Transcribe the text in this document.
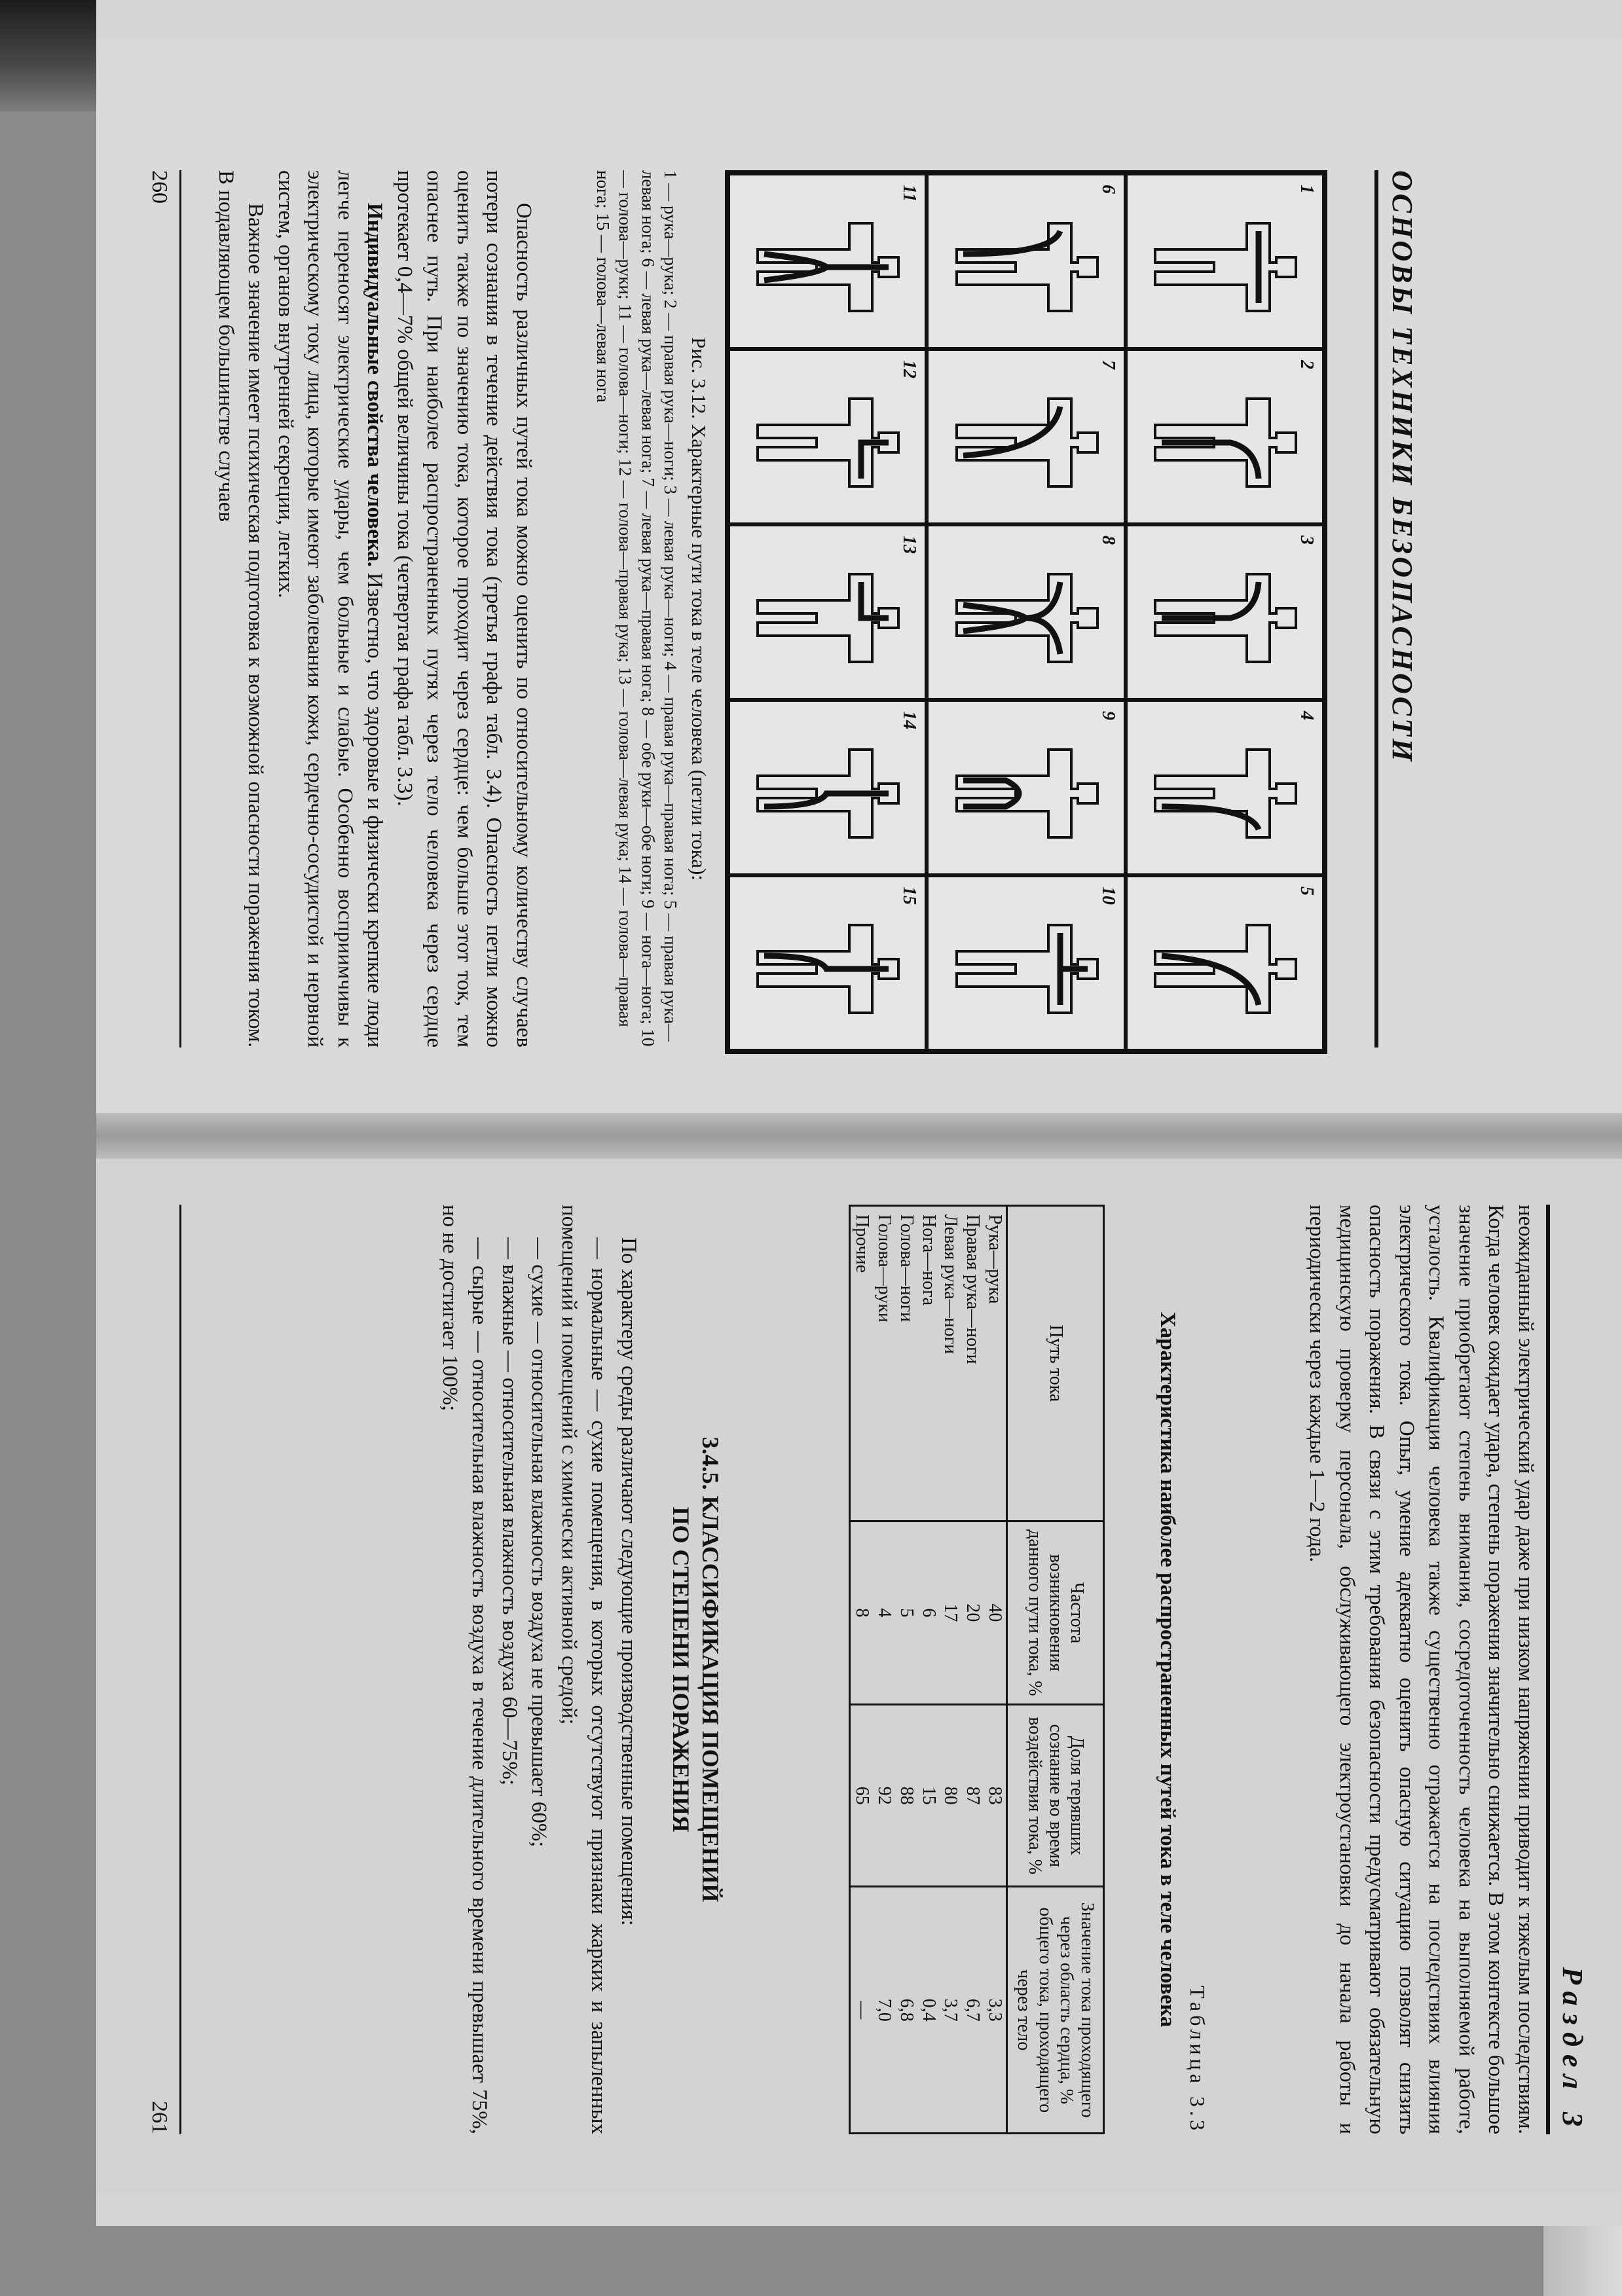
ОСНОВЫ ТЕХНИКИ БЕЗОПАСНОСТИ
1
2
3
4
5
6
7
8
9
10
11
12
13
14
15
Рис. 3.12. Характерные пути тока в теле человека (петли тока):
1 — рука—рука; 2 — правая рука—ноги; 3 — левая рука—ноги; 4 — правая рука—правая нога; 5 — правая рука—левая нога; 6 — левая рука—левая нога; 7 — левая рука—правая нога; 8 — обе руки—обе ноги; 9 — нога—нога; 10 — голова—руки; 11 — голова—ноги; 12 — голова—правая рука; 13 — голова—левая рука; 14 — голова—правая нога; 15 — голова—левая нога

Опасность различных путей тока можно оценить по относительному количеству случаев потери сознания в течение действия тока (третья графа табл. 3.4). Опасность петли можно оценить также по значению тока, которое проходит через сердце: чем больше этот ток, тем опаснее путь. При наиболее распространенных путях через тело человека через сердце протекает 0,4—7% общей величины тока (четвертая графа табл. 3.3).

Индивидуальные свойства человека. Известно, что здоровые и физически крепкие люди легче переносят электрические удары, чем больные и слабые. Особенно восприимчивы к электрическому току лица, которые имеют заболевания кожи, сердечно-сосудистой и нервной систем, органов внутренней секреции, легких.

Важное значение имеет психическая подготовка к возможной опасности поражения током. В подавляющем большинстве случаев

260
Раздел 3

неожиданный электрический удар даже при низком напряжении приводит к тяжелым последствиям. Когда человек ожидает удара, степень поражения значительно снижается. В этом контексте большое значение приобретают степень внимания, сосредоточенность человека на выполняемой работе, усталость. Квалификация человека также существенно отражается на последствиях влияния электрического тока. Опыт, умение адекватно оценить опасную ситуацию позволят снизить опасность поражения. В связи с этим требования безопасности предусматривают обязательную медицинскую проверку персонала, обслуживающего электроустановки до начала работы и периодически через каждые 1—2 года.

Таблица 3.3
Характеристика наиболее распространенных путей тока в теле человека
Путь тока	Частота возникновения данного пути тока, %	Доля терявших сознание во время воздействия тока, %	Значение тока проходящего через область сердца, % общего тока, проходящего через тело
Рука—рука	40	83	3,3
Правая рука—ноги	20	87	6,7
Левая рука—ноги	17	80	3,7
Нога—нога	6	15	0,4
Голова—ноги	5	88	6,8
Голова—руки	4	92	7,0
Прочие	8	65	—
3.4.5. КЛАССИФИКАЦИЯ ПОМЕЩЕНИЙ
ПО СТЕПЕНИ ПОРАЖЕНИЯ

По характеру среды различают следующие производственные помещения:

— нормальные — сухие помещения, в которых отсутствуют признаки жарких и запыленных помещений и помещений с химически активной средой;

— сухие — относительная влажность воздуха не превышает 60%;

— влажные — относительная влажность воздуха 60—75%;

— сырые — относительная влажность воздуха в течение длительного времени превышает 75%, но не достигает 100%;

261
